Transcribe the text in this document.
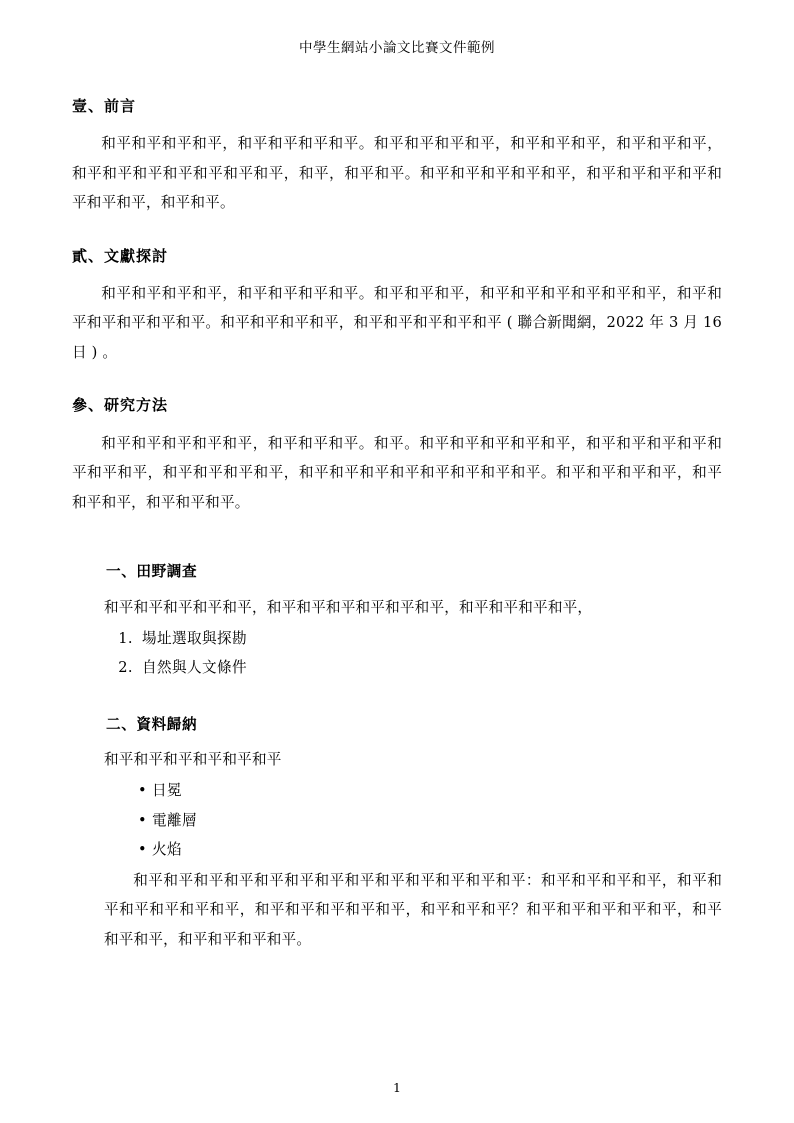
中學生網站小論文比賽文件範例
壹、前言

和平和平和平和平，和平和平和平和平。和平和平和平和平，和平和平和平，和平和平和平，和平和平和平和平和平和平和平，和平，和平和平。和平和平和平和平和平，和平和平和平和平和平和平和平，和平和平。

貳、文獻探討

和平和平和平和平，和平和平和平和平。和平和平和平，和平和平和平和平和平和平，和平和平和平和平和平和平。和平和平和平和平，和平和平和平和平和平 ( 聯合新聞網，2022 年 3 月 16 日 ) 。

參、研究方法

和平和平和平和平和平，和平和平和平。和平。和平和平和平和平和平，和平和平和平和平和平和平和平，和平和平和平和平，和平和平和平和平和平和平和平和平。和平和平和平和平，和平和平和平，和平和平和平。

一、田野調查

和平和平和平和平和平，和平和平和平和平和平和平，和平和平和平和平，

1. 場址選取與探勘
2. 自然與人文條件
二、資料歸納

和平和平和平和平和平和平

• 日冕
• 電離層
• 火焰

和平和平和平和平和平和平和平和平和平和平和平和平和平：和平和平和平和平，和平和平和平和平和平和平，和平和平和平和平和平，和平和平和平？和平和平和平和平和平，和平和平和平，和平和平和平和平。

1
